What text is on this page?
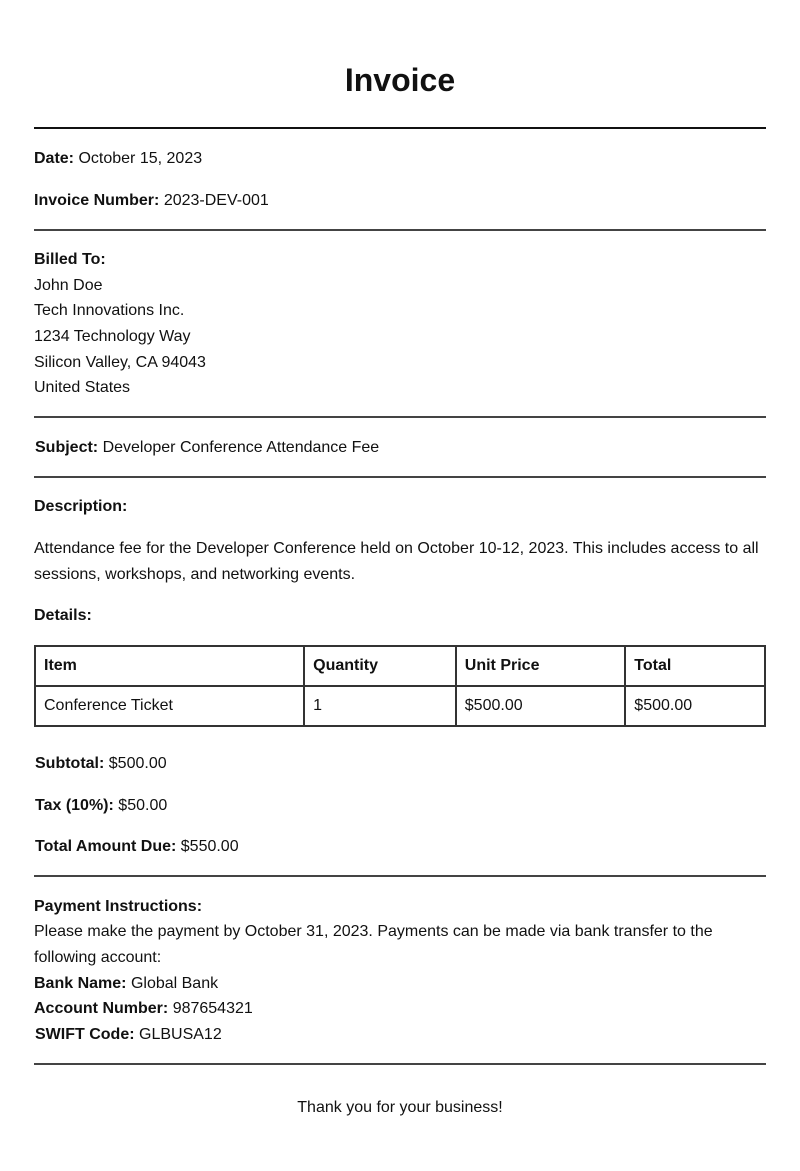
Invoice
Date: October 15, 2023
Invoice Number: 2023-DEV-001
Billed To:
John Doe
Tech Innovations Inc.
1234 Technology Way
Silicon Valley, CA 94043
United States
Subject: Developer Conference Attendance Fee
Description:
Attendance fee for the Developer Conference held on October 10-12, 2023. This includes access to all sessions, workshops, and networking events.
Details:
Item	Quantity	Unit Price	Total
Conference Ticket	1	$500.00	$500.00
Subtotal: $500.00
Tax (10%): $50.00
Total Amount Due: $550.00
Payment Instructions:
Please make the payment by October 31, 2023. Payments can be made via bank transfer to the following account:
Bank Name: Global Bank
Account Number: 987654321
SWIFT Code: GLBUSA12
Thank you for your business!
